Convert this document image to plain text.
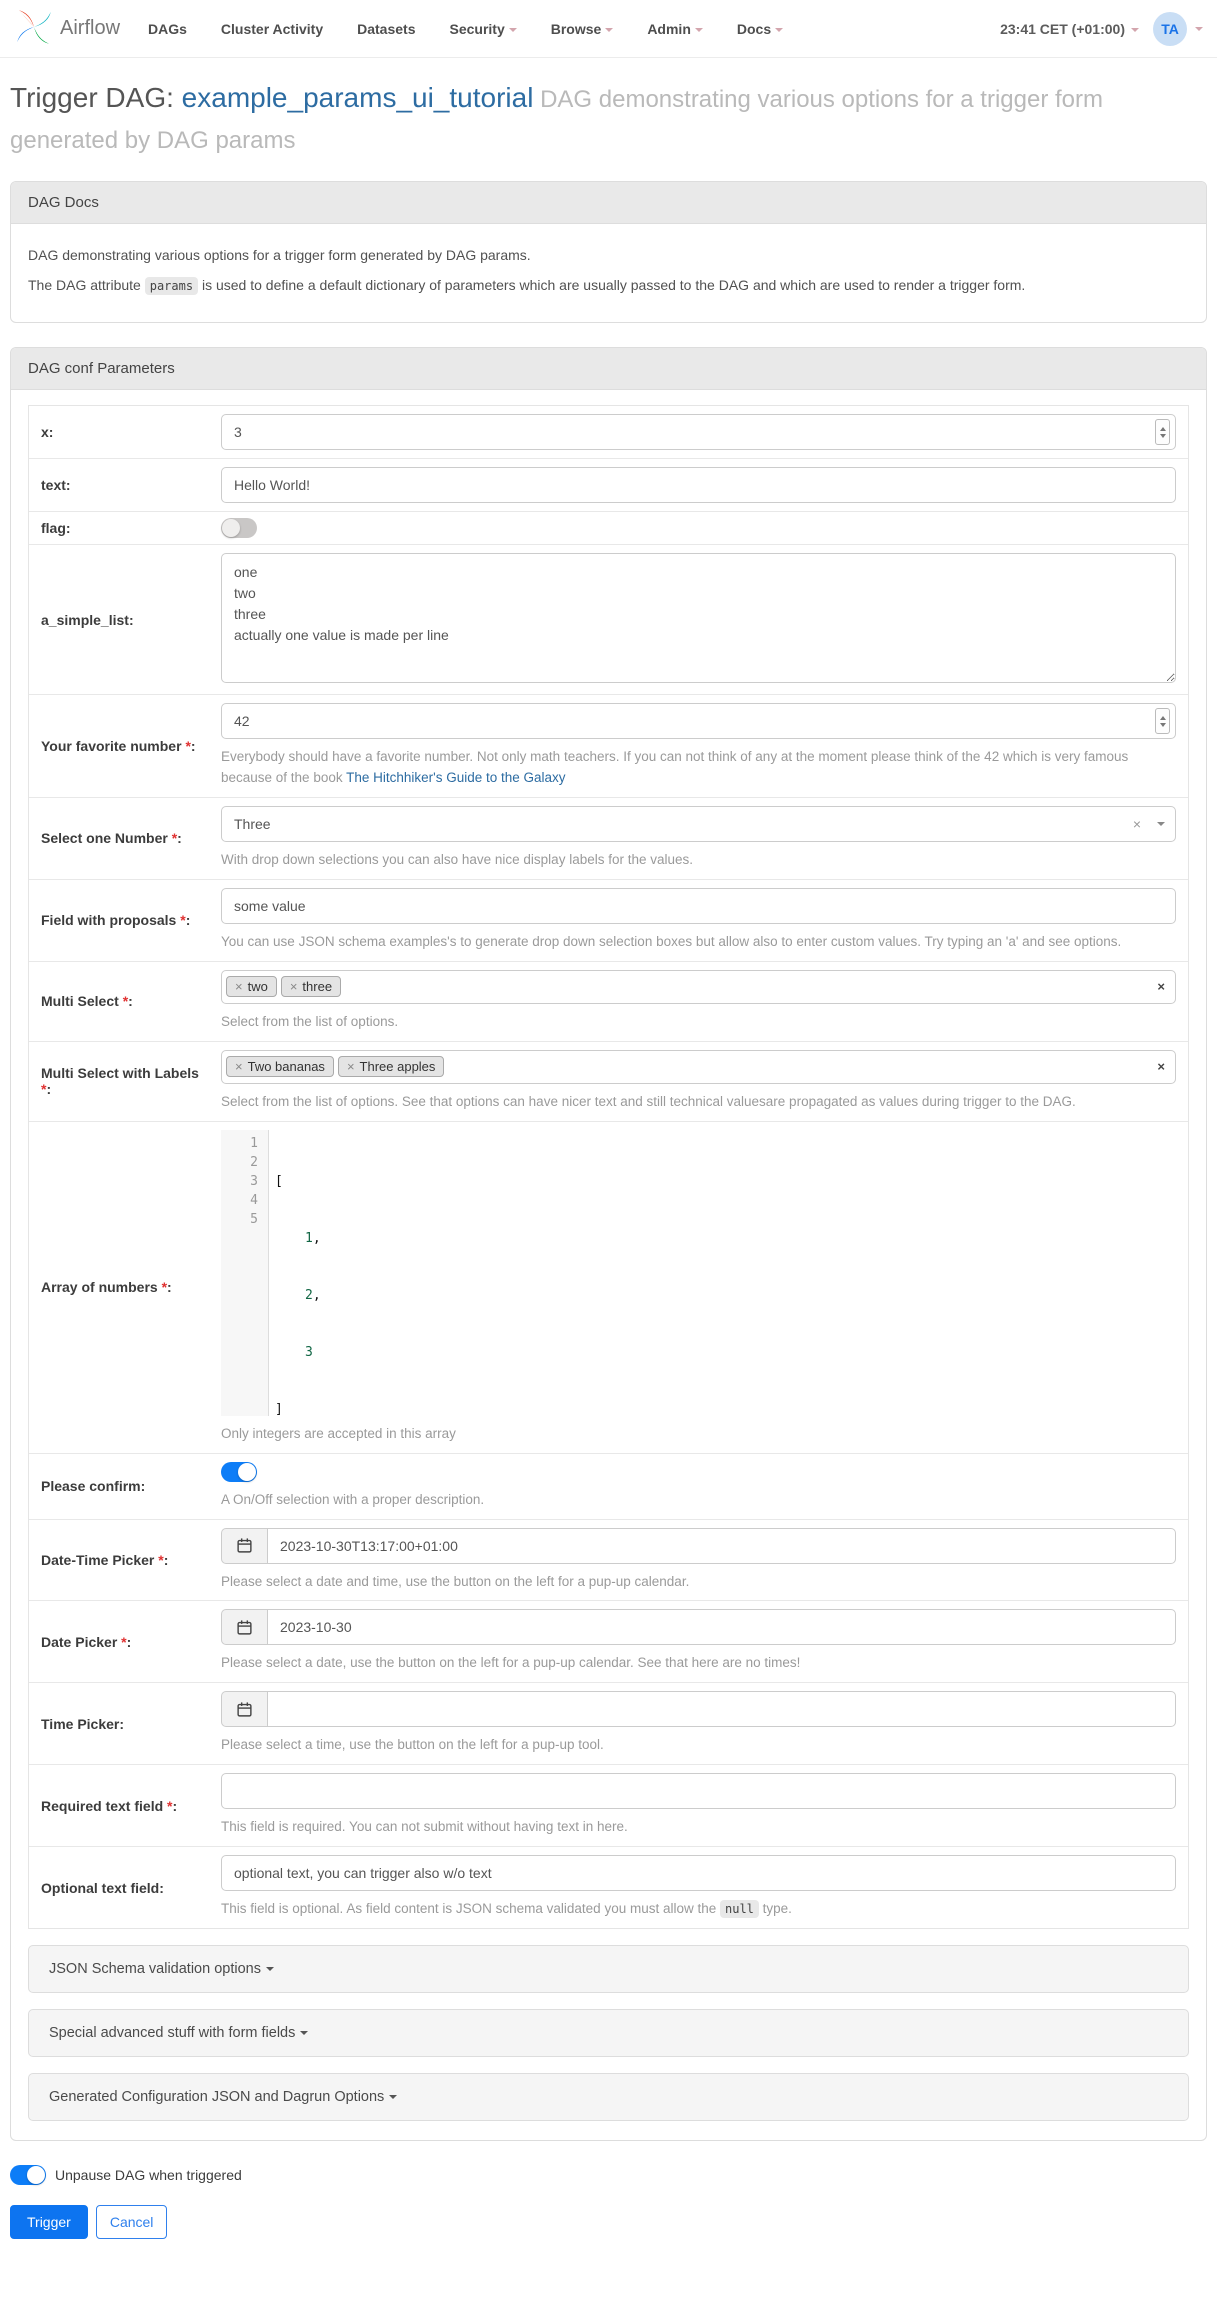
Airflow DAGs Cluster Activity Datasets Security	Browse	Admin	Docs	23:41 CET (+01:00)	TA
Trigger DAG: example_params_ui_tutorial DAG demonstrating various options for a trigger form generated by DAG params
DAG Docs

DAG demonstrating various options for a trigger form generated by DAG params.

The DAG attribute params is used to define a default dictionary of parameters which are usually passed to the DAG and which are used to render a trigger form.

DAG conf Parameters
x:
3
text:
Hello World!
flag:
a_simple_list:
one two three actually one value is made per line
Your favorite number *:
42
Everybody should have a favorite number. Not only math teachers. If you can not think of any at the moment please think of the 42 which is very famous because of the book The Hitchhiker's Guide to the Galaxy
Select one Number *:
Three	×
With drop down selections you can also have nice display labels for the values.
Field with proposals *:
some value
You can use JSON schema examples's to generate drop down selection boxes but allow also to enter custom values. Try typing an 'a' and see options.
Multi Select *:
× two	× three	×
Select from the list of options.
Multi Select with Labels *:
× Two bananas	× Three apples	×
Select from the list of options. See that options can have nicer text and still technical valuesare propagated as values during trigger to the DAG.
Array of numbers *:
1
2
3
4
5

[

1,

2,

3

]

Only integers are accepted in this array
Please confirm:
A On/Off selection with a proper description.
Date-Time Picker *:
2023-10-30T13:17:00+01:00
Please select a date and time, use the button on the left for a pup-up calendar.
Date Picker *:
2023-10-30
Please select a date, use the button on the left for a pup-up calendar. See that here are no times!
Time Picker:
Please select a time, use the button on the left for a pup-up tool.
Required text field *:
This field is required. You can not submit without having text in here.
Optional text field:
optional text, you can trigger also w/o text
This field is optional. As field content is JSON schema validated you must allow the null type.
JSON Schema validation options
Special advanced stuff with form fields
Generated Configuration JSON and Dagrun Options
Unpause DAG when triggered
Trigger	Cancel
